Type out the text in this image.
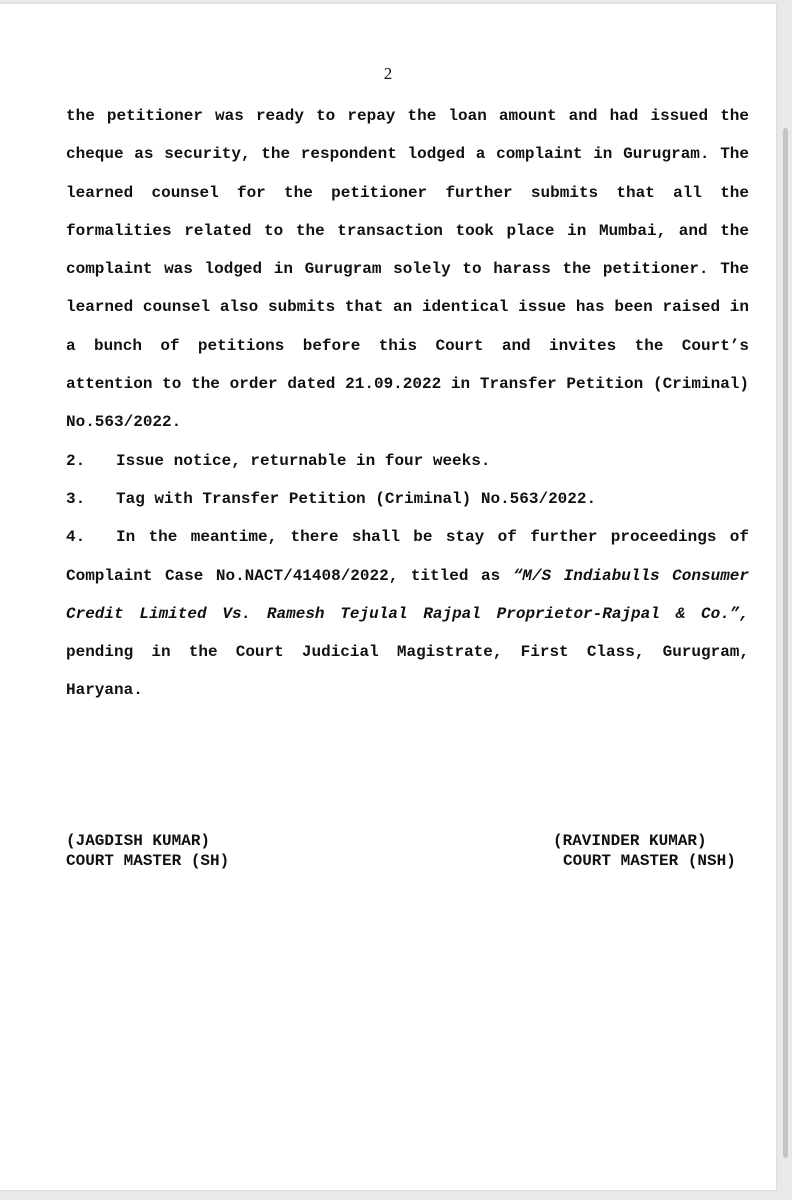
2

the petitioner was ready to repay the loan amount and had issued the cheque as security, the respondent lodged a complaint in Gurugram. The learned counsel for the petitioner further submits that all the formalities related to the transaction took place in Mumbai, and the complaint was lodged in Gurugram solely to harass the petitioner. The learned counsel also submits that an identical issue has been raised in a bunch of petitions before this Court and invites the Court’s attention to the order dated 21.09.2022 in Transfer Petition (Criminal) No.563/2022.

2. Issue notice, returnable in four weeks.

3. Tag with Transfer Petition (Criminal) No.563/2022.

4. In the meantime, there shall be stay of further proceedings of Complaint Case No.NACT/41408/2022, titled as “M/S Indiabulls Consumer Credit Limited Vs. Ramesh Tejulal Rajpal Proprietor-Rajpal & Co.”, pending in the Court Judicial Magistrate, First Class, Gurugram, Haryana.

(JAGDISH KUMAR)
COURT MASTER (SH)
(RAVINDER KUMAR)
COURT MASTER (NSH)
